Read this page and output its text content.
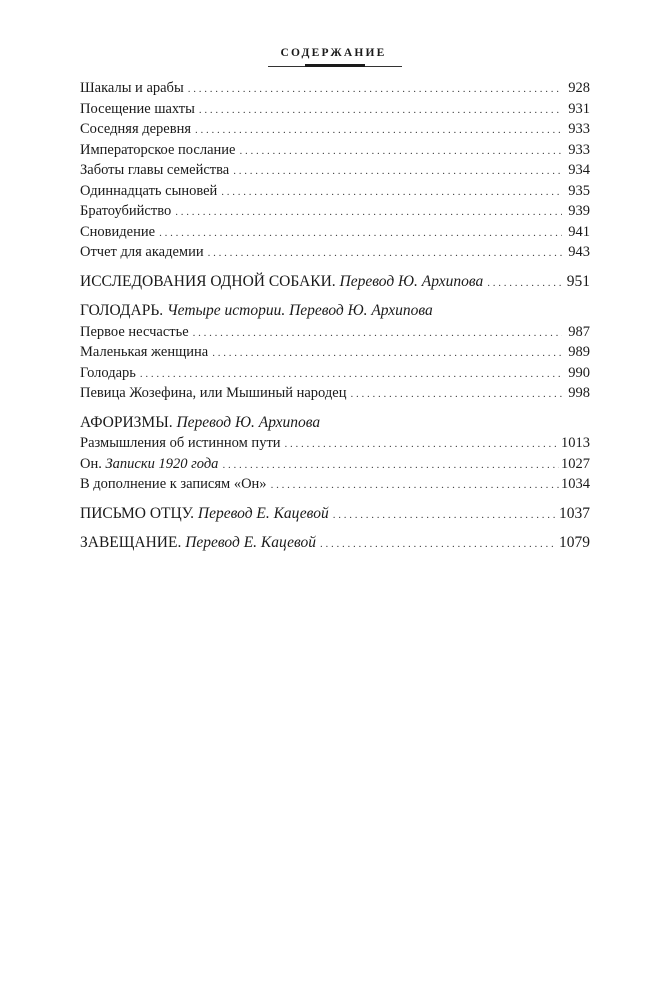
СОДЕРЖАНИЕ
Шакалы и арабы . . .	928
Посещение шахты . . .	931
Соседняя деревня . . .	933
Императорское послание . . .	933
Заботы главы семейства . . .	934
Одиннадцать сыновей . . .	935
Братоубийство . . .	939
Сновидение . . .	941
Отчет для академии . . .	943
ИССЛЕДОВАНИЯ ОДНОЙ СОБАКИ. Перевод Ю. Архипова . . .	951
ГОЛОДАРЬ. Четыре истории. Перевод Ю. Архипова
Первое несчастье . . .	987
Маленькая женщина . . .	989
Голодарь . . .	990
Певица Жозефина, или Мышиный народец . . .	998
АФОРИЗМЫ. Перевод Ю. Архипова
Размышления об истинном пути . . .	1013
Он. Записки 1920 года . . .	1027
В дополнение к записям «Он» . . .	1034
ПИСЬМО ОТЦУ. Перевод Е. Кацевой . . .	1037
ЗАВЕЩАНИЕ. Перевод Е. Кацевой . . .	1079
